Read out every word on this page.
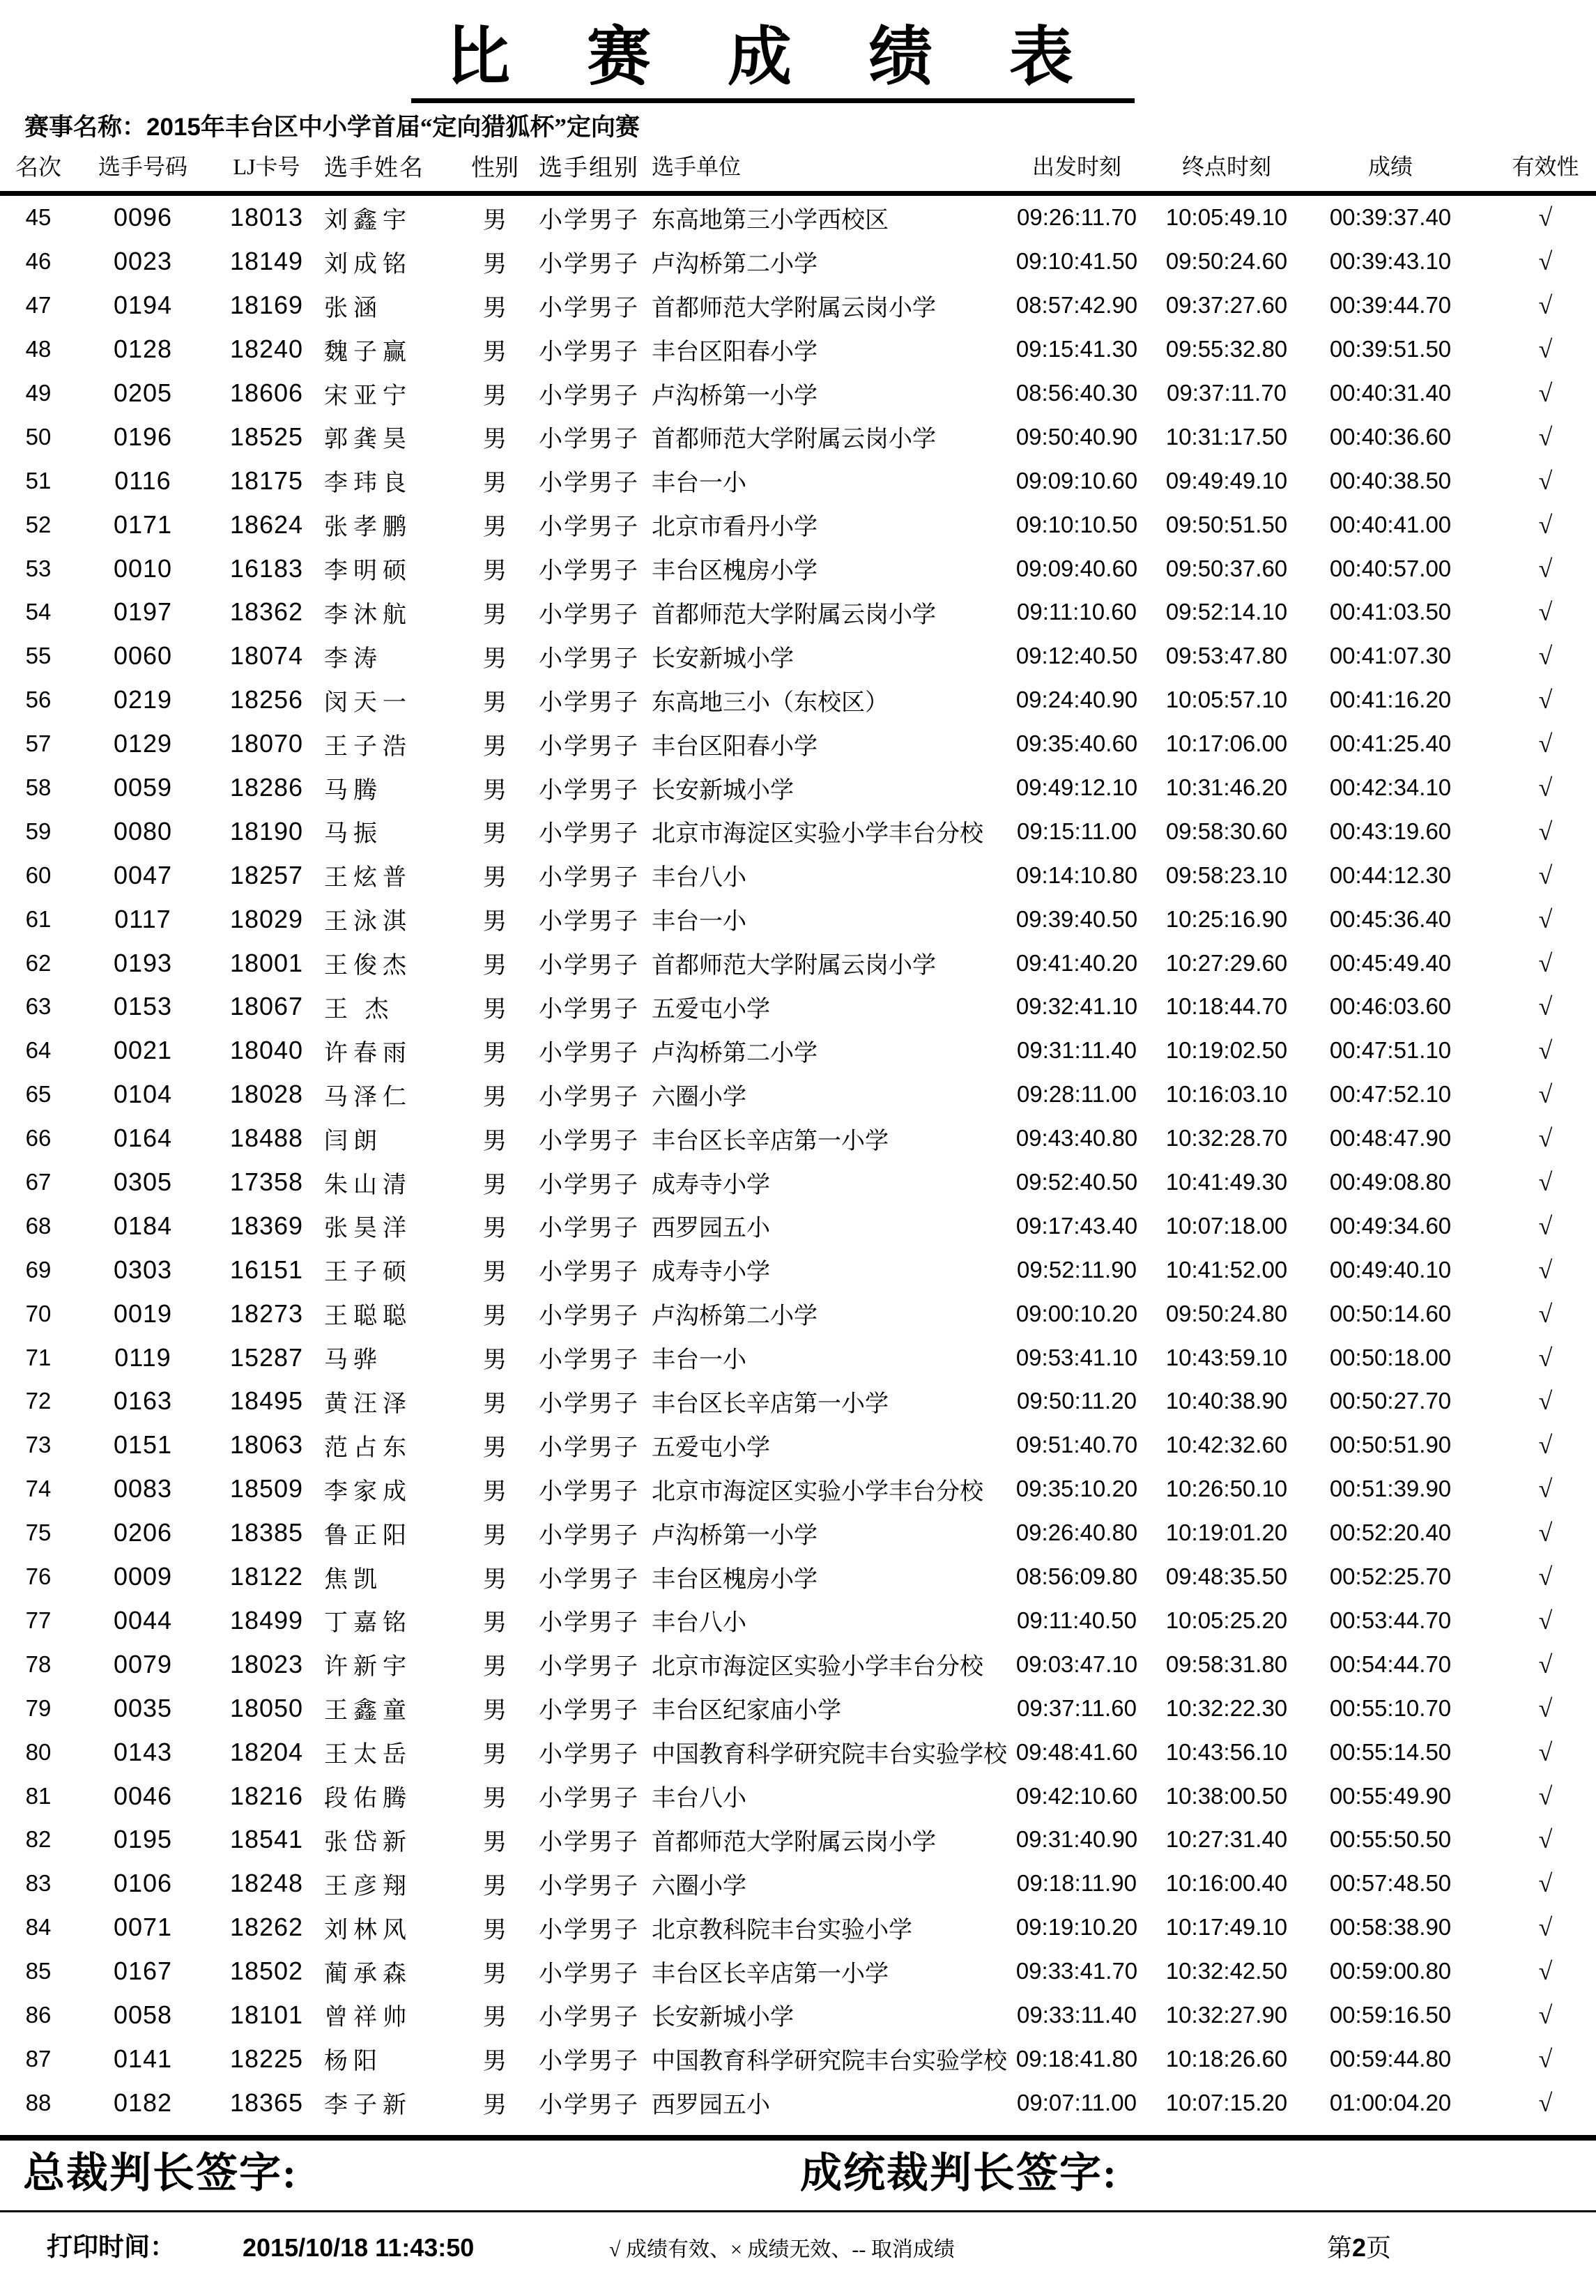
比赛成绩表
赛事名称：2015年丰台区中小学首届“定向猎狐杯”定向赛
名次	选手号码	LJ卡号	选手姓名	性别	选手组别	选手单位	出发时刻	终点时刻	成绩	有效性
45	0096	18013	刘鑫宇	男	小学男子	东高地第三小学西校区	09:26:11.70	10:05:49.10	00:39:37.40	√
46	0023	18149	刘成铭	男	小学男子	卢沟桥第二小学	09:10:41.50	09:50:24.60	00:39:43.10	√
47	0194	18169	张涵	男	小学男子	首都师范大学附属云岗小学	08:57:42.90	09:37:27.60	00:39:44.70	√
48	0128	18240	魏子赢	男	小学男子	丰台区阳春小学	09:15:41.30	09:55:32.80	00:39:51.50	√
49	0205	18606	宋亚宁	男	小学男子	卢沟桥第一小学	08:56:40.30	09:37:11.70	00:40:31.40	√
50	0196	18525	郭龚昊	男	小学男子	首都师范大学附属云岗小学	09:50:40.90	10:31:17.50	00:40:36.60	√
51	0116	18175	李玮良	男	小学男子	丰台一小	09:09:10.60	09:49:49.10	00:40:38.50	√
52	0171	18624	张孝鹏	男	小学男子	北京市看丹小学	09:10:10.50	09:50:51.50	00:40:41.00	√
53	0010	16183	李明硕	男	小学男子	丰台区槐房小学	09:09:40.60	09:50:37.60	00:40:57.00	√
54	0197	18362	李沐航	男	小学男子	首都师范大学附属云岗小学	09:11:10.60	09:52:14.10	00:41:03.50	√
55	0060	18074	李涛	男	小学男子	长安新城小学	09:12:40.50	09:53:47.80	00:41:07.30	√
56	0219	18256	闵天一	男	小学男子	东高地三小（东校区）	09:24:40.90	10:05:57.10	00:41:16.20	√
57	0129	18070	王子浩	男	小学男子	丰台区阳春小学	09:35:40.60	10:17:06.00	00:41:25.40	√
58	0059	18286	马腾	男	小学男子	长安新城小学	09:49:12.10	10:31:46.20	00:42:34.10	√
59	0080	18190	马振	男	小学男子	北京市海淀区实验小学丰台分校	09:15:11.00	09:58:30.60	00:43:19.60	√
60	0047	18257	王炫普	男	小学男子	丰台八小	09:14:10.80	09:58:23.10	00:44:12.30	√
61	0117	18029	王泳淇	男	小学男子	丰台一小	09:39:40.50	10:25:16.90	00:45:36.40	√
62	0193	18001	王俊杰	男	小学男子	首都师范大学附属云岗小学	09:41:40.20	10:27:29.60	00:45:49.40	√
63	0153	18067	王 杰	男	小学男子	五爱屯小学	09:32:41.10	10:18:44.70	00:46:03.60	√
64	0021	18040	许春雨	男	小学男子	卢沟桥第二小学	09:31:11.40	10:19:02.50	00:47:51.10	√
65	0104	18028	马泽仁	男	小学男子	六圈小学	09:28:11.00	10:16:03.10	00:47:52.10	√
66	0164	18488	闫朗	男	小学男子	丰台区长辛店第一小学	09:43:40.80	10:32:28.70	00:48:47.90	√
67	0305	17358	朱山清	男	小学男子	成寿寺小学	09:52:40.50	10:41:49.30	00:49:08.80	√
68	0184	18369	张昊洋	男	小学男子	西罗园五小	09:17:43.40	10:07:18.00	00:49:34.60	√
69	0303	16151	王子硕	男	小学男子	成寿寺小学	09:52:11.90	10:41:52.00	00:49:40.10	√
70	0019	18273	王聪聪	男	小学男子	卢沟桥第二小学	09:00:10.20	09:50:24.80	00:50:14.60	√
71	0119	15287	马骅	男	小学男子	丰台一小	09:53:41.10	10:43:59.10	00:50:18.00	√
72	0163	18495	黄汪泽	男	小学男子	丰台区长辛店第一小学	09:50:11.20	10:40:38.90	00:50:27.70	√
73	0151	18063	范占东	男	小学男子	五爱屯小学	09:51:40.70	10:42:32.60	00:50:51.90	√
74	0083	18509	李家成	男	小学男子	北京市海淀区实验小学丰台分校	09:35:10.20	10:26:50.10	00:51:39.90	√
75	0206	18385	鲁正阳	男	小学男子	卢沟桥第一小学	09:26:40.80	10:19:01.20	00:52:20.40	√
76	0009	18122	焦凯	男	小学男子	丰台区槐房小学	08:56:09.80	09:48:35.50	00:52:25.70	√
77	0044	18499	丁嘉铭	男	小学男子	丰台八小	09:11:40.50	10:05:25.20	00:53:44.70	√
78	0079	18023	许新宇	男	小学男子	北京市海淀区实验小学丰台分校	09:03:47.10	09:58:31.80	00:54:44.70	√
79	0035	18050	王鑫童	男	小学男子	丰台区纪家庙小学	09:37:11.60	10:32:22.30	00:55:10.70	√
80	0143	18204	王太岳	男	小学男子	中国教育科学研究院丰台实验学校	09:48:41.60	10:43:56.10	00:55:14.50	√
81	0046	18216	段佑腾	男	小学男子	丰台八小	09:42:10.60	10:38:00.50	00:55:49.90	√
82	0195	18541	张岱新	男	小学男子	首都师范大学附属云岗小学	09:31:40.90	10:27:31.40	00:55:50.50	√
83	0106	18248	王彦翔	男	小学男子	六圈小学	09:18:11.90	10:16:00.40	00:57:48.50	√
84	0071	18262	刘林风	男	小学男子	北京教科院丰台实验小学	09:19:10.20	10:17:49.10	00:58:38.90	√
85	0167	18502	蔺承森	男	小学男子	丰台区长辛店第一小学	09:33:41.70	10:32:42.50	00:59:00.80	√
86	0058	18101	曾祥帅	男	小学男子	长安新城小学	09:33:11.40	10:32:27.90	00:59:16.50	√
87	0141	18225	杨阳	男	小学男子	中国教育科学研究院丰台实验学校	09:18:41.80	10:18:26.60	00:59:44.80	√
88	0182	18365	李子新	男	小学男子	西罗园五小	09:07:11.00	10:07:15.20	01:00:04.20	√
总裁判长签字:	成统裁判长签字:
打印时间：	2015/10/18 11:43:50	√ 成绩有效、× 成绩无效、-- 取消成绩	第2页
